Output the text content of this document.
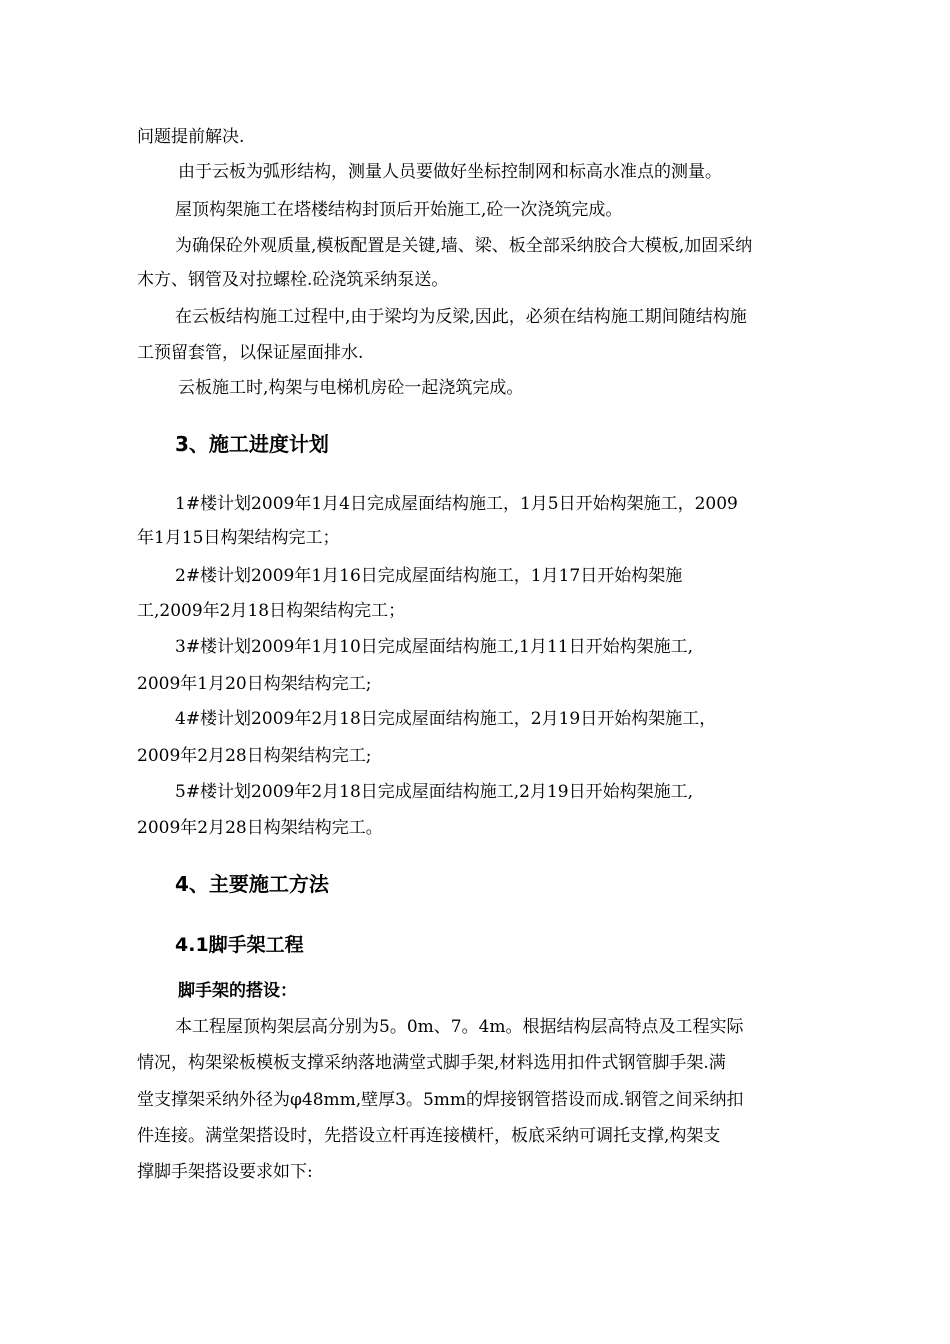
问题提前解决.
由于云板为弧形结构，测量人员要做好坐标控制网和标高水准点的测量。
屋顶构架施工在塔楼结构封顶后开始施工,砼一次浇筑完成。
为确保砼外观质量,模板配置是关键,墙、梁、板全部采纳胶合大模板,加固采纳
木方、钢管及对拉螺栓.砼浇筑采纳泵送。
在云板结构施工过程中,由于梁均为反梁,因此，必须在结构施工期间随结构施
工预留套管，以保证屋面排水.
云板施工时,构架与电梯机房砼一起浇筑完成。
3、施工进度计划
1#楼计划2009年1月4日完成屋面结构施工，1月5日开始构架施工，2009
年1月15日构架结构完工；
2#楼计划2009年1月16日完成屋面结构施工，1月17日开始构架施
工,2009年2月18日构架结构完工；
3#楼计划2009年1月10日完成屋面结构施工,1月11日开始构架施工,
2009年1月20日构架结构完工;
4#楼计划2009年2月18日完成屋面结构施工，2月19日开始构架施工，
2009年2月28日构架结构完工;
5#楼计划2009年2月18日完成屋面结构施工,2月19日开始构架施工,
2009年2月28日构架结构完工。
4、主要施工方法
4.1脚手架工程
脚手架的搭设：
本工程屋顶构架层高分别为5。0m、7。4m。根据结构层高特点及工程实际
情况，构架梁板模板支撑采纳落地满堂式脚手架,材料选用扣件式钢管脚手架.满
堂支撑架采纳外径为φ48mm,壁厚3。5mm的焊接钢管搭设而成.钢管之间采纳扣
件连接。满堂架搭设时，先搭设立杆再连接横杆，板底采纳可调托支撑,构架支
撑脚手架搭设要求如下:
